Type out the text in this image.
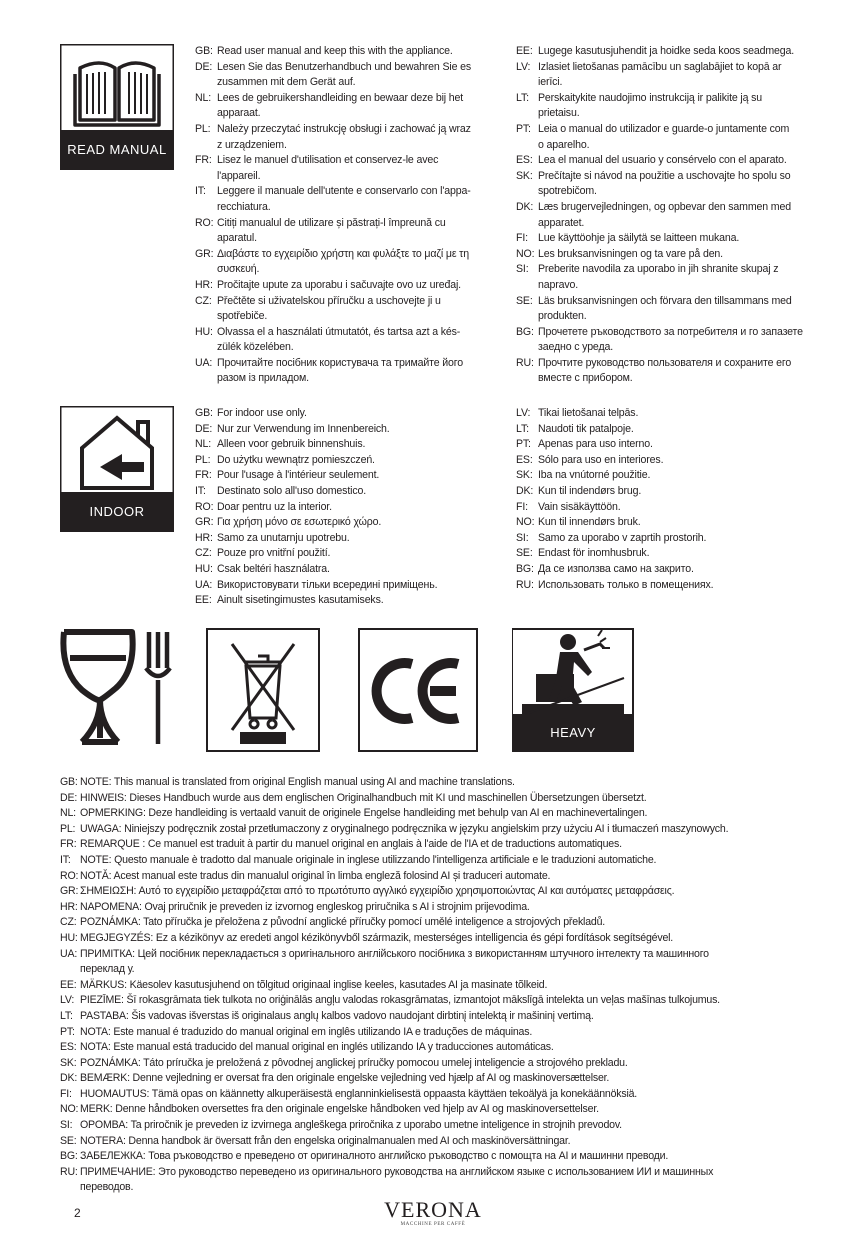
READ MANUAL
GB: Read user manual and keep this with the appliance.
DE: Lesen Sie das Benutzerhandbuch und bewahren Sie es
zusammen mit dem Gerät auf.
NL: Lees de gebruikershandleiding en bewaar deze bij het
apparaat.
PL: Należy przeczytać instrukcję obsługi i zachować ją wraz
z urządzeniem.
FR: Lisez le manuel d'utilisation et conservez-le avec
l'appareil.
IT: Leggere il manuale dell'utente e conservarlo con l'appa-
recchiatura.
RO: Citiți manualul de utilizare și păstrați-l împreună cu
aparatul.
GR: Διαβάστε το εγχειρίδιο χρήστη και φυλάξτε το μαζί με τη
συσκευή.
HR: Pročitajte upute za uporabu i sačuvajte ovo uz uređaj.
CZ: Přečtěte si uživatelskou příručku a uschovejte ji u
spotřebiče.
HU: Olvassa el a használati útmutatót, és tartsa azt a kés-
zülék közelében.
UA: Прочитайте посібник користувача та тримайте його
разом із приладом.
EE: Lugege kasutusjuhendit ja hoidke seda koos seadmega.
LV: Izlasiet lietošanas pamācību un saglabājiet to kopā ar
ierīci.
LT: Perskaitykite naudojimo instrukciją ir palikite ją su
prietaisu.
PT: Leia o manual do utilizador e guarde-o juntamente com
o aparelho.
ES: Lea el manual del usuario y consérvelo con el aparato.
SK: Prečítajte si návod na použitie a uschovajte ho spolu so
spotrebičom.
DK: Læs brugervejledningen, og opbevar den sammen med
apparatet.
FI: Lue käyttöohje ja säilytä se laitteen mukana.
NO: Les bruksanvisningen og ta vare på den.
SI: Preberite navodila za uporabo in jih shranite skupaj z
napravo.
SE: Läs bruksanvisningen och förvara den tillsammans med
produkten.
BG: Прочетете ръководството за потребителя и го запазете
заедно с уреда.
RU: Прочтите руководство пользователя и сохраните его
вместе с прибором.
INDOOR
GB: For indoor use only.
DE: Nur zur Verwendung im Innenbereich.
NL: Alleen voor gebruik binnenshuis.
PL: Do użytku wewnątrz pomieszczeń.
FR: Pour l'usage à l'intérieur seulement.
IT: Destinato solo all'uso domestico.
RO: Doar pentru uz la interior.
GR: Για χρήση μόνο σε εσωτερικό χώρο.
HR: Samo za unutarnju upotrebu.
CZ: Pouze pro vnitřní použití.
HU: Csak beltéri használatra.
UA: Використовувати тільки всередині приміщень.
EE: Ainult sisetingimustes kasutamiseks.
LV: Tikai lietošanai telpās.
LT: Naudoti tik patalpoje.
PT: Apenas para uso interno.
ES: Sólo para uso en interiores.
SK: Iba na vnútorné použitie.
DK: Kun til indendørs brug.
FI: Vain sisäkäyttöön.
NO: Kun til innendørs bruk.
SI: Samo za uporabo v zaprtih prostorih.
SE: Endast för inomhusbruk.
BG: Да се използва само на закрито.
RU: Использовать только в помещениях.
HEAVY
GB: NOTE: This manual is translated from original English manual using AI and machine translations.
DE: HINWEIS: Dieses Handbuch wurde aus dem englischen Originalhandbuch mit KI und maschinellen Übersetzungen übersetzt.
NL: OPMERKING: Deze handleiding is vertaald vanuit de originele Engelse handleiding met behulp van AI en machinevertalingen.
PL: UWAGA: Niniejszy podręcznik został przetłumaczony z oryginalnego podręcznika w języku angielskim przy użyciu AI i tłumaczeń maszynowych.
FR: REMARQUE : Ce manuel est traduit à partir du manuel original en anglais à l'aide de l'IA et de traductions automatiques.
IT: NOTE: Questo manuale è tradotto dal manuale originale in inglese utilizzando l'intelligenza artificiale e le traduzioni automatiche.
RO: NOTĂ: Acest manual este tradus din manualul original în limba engleză folosind AI și traduceri automate.
GR: ΣΗΜΕΙΩΣΗ: Αυτό το εγχειρίδιο μεταφράζεται από το πρωτότυπο αγγλικό εγχειρίδιο χρησιμοποιώντας AI και αυτόματες μεταφράσεις.
HR: NAPOMENA: Ovaj priručnik je preveden iz izvornog engleskog priručnika s AI i strojnim prijevodima.
CZ: POZNÁMKA: Tato příručka je přeložena z původní anglické příručky pomocí umělé inteligence a strojových překladů.
HU: MEGJEGYZÉS: Ez a kézikönyv az eredeti angol kézikönyvből származik, mesterséges intelligencia és gépi fordítások segítségével.
UA: ПРИМІТКА: Цей посібник перекладається з оригінального англійського посібника з використанням штучного інтелекту та машинного
переклад у.
EE: MÄRKUS: Käesolev kasutusjuhend on tõlgitud originaal inglise keeles, kasutades AI ja masinate tõlkeid.
LV: PIEZĪME: Šī rokasgrāmata tiek tulkota no oriģinālās angļu valodas rokasgrāmatas, izmantojot mākslīgā intelekta un veļas mašīnas tulkojumus.
LT: PASTABA: Šis vadovas išverstas iš originalaus anglų kalbos vadovo naudojant dirbtinį intelektą ir mašininį vertimą.
PT: NOTA: Este manual é traduzido do manual original em inglês utilizando IA e traduções de máquinas.
ES: NOTA: Este manual está traducido del manual original en inglés utilizando IA y traducciones automáticas.
SK: POZNÁMKA: Táto príručka je preložená z pôvodnej anglickej príručky pomocou umelej inteligencie a strojového prekladu.
DK: BEMÆRK: Denne vejledning er oversat fra den originale engelske vejledning ved hjælp af AI og maskinoversættelser.
FI: HUOMAUTUS: Tämä opas on käännetty alkuperäisestä englanninkielisestä oppaasta käyttäen tekoälyä ja konekäännöksiä.
NO: MERK: Denne håndboken oversettes fra den originale engelske håndboken ved hjelp av AI og maskinoversettelser.
SI: OPOMBA: Ta priročnik je preveden iz izvirnega angleškega priročnika z uporabo umetne inteligence in strojnih prevodov.
SE: NOTERA: Denna handbok är översatt från den engelska originalmanualen med AI och maskinöversättningar.
BG: ЗАБЕЛЕЖКА: Това ръководство е преведено от оригиналното английско ръководство с помощта на AI и машинни преводи.
RU: ПРИМЕЧАНИЕ: Это руководство переведено из оригинального руководства на английском языке с использованием ИИ и машинных
переводов.
2	VERONA
MACCHINE PER CAFFÈ
